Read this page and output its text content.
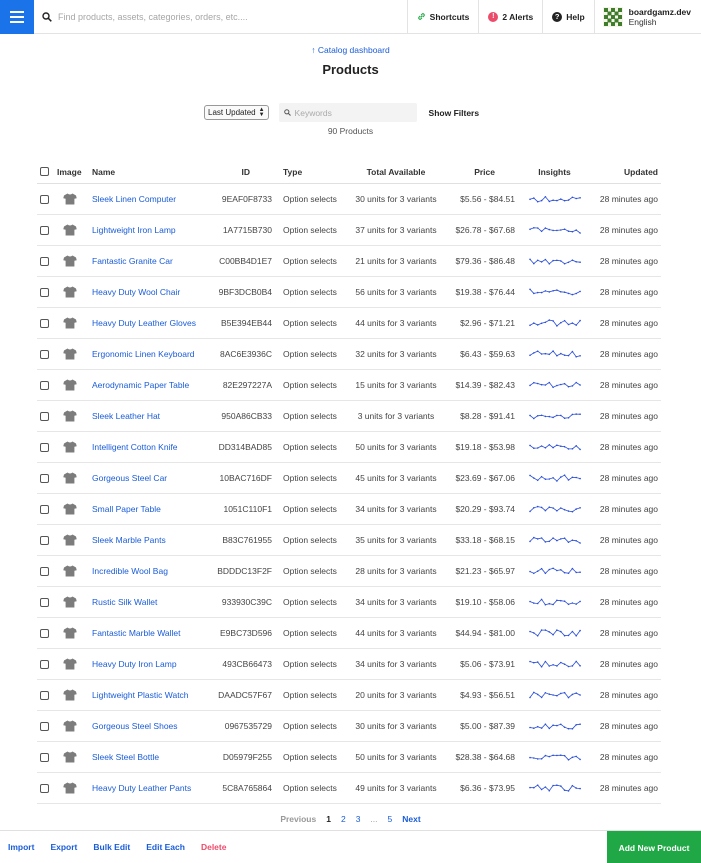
Find products, assets, categories, orders, etc....
Shortcuts	! 2 Alerts	? Help	boardgamz.dev
English
↑ Catalog dashboard
Products
Last Updated ▲
▼
Keywords	Show Filters
90 Products
Image Name	ID	Type	Total Available	Price	Insights	Updated
Sleek Linen Computer	9EAF0F8733 Option selects	30 units for 3 variants	$5.56 - $84.51	28 minutes ago
Lightweight Iron Lamp	1A7715B730 Option selects	37 units for 3 variants	$26.78 - $67.68	28 minutes ago
Fantastic Granite Car	C00BB4D1E7 Option selects	21 units for 3 variants	$79.36 - $86.48	28 minutes ago
Heavy Duty Wool Chair	9BF3DCB0B4 Option selects	56 units for 3 variants	$19.38 - $76.44	28 minutes ago
Heavy Duty Leather Gloves	B5E394EB44 Option selects	44 units for 3 variants	$2.96 - $71.21	28 minutes ago
Ergonomic Linen Keyboard	8AC6E3936C Option selects	32 units for 3 variants	$6.43 - $59.63	28 minutes ago
Aerodynamic Paper Table	82E297227A Option selects	15 units for 3 variants	$14.39 - $82.43	28 minutes ago
Sleek Leather Hat	950A86CB33 Option selects	3 units for 3 variants	$8.28 - $91.41	28 minutes ago
Intelligent Cotton Knife	DD314BAD85 Option selects	50 units for 3 variants	$19.18 - $53.98	28 minutes ago
Gorgeous Steel Car	10BAC716DF Option selects	45 units for 3 variants	$23.69 - $67.06	28 minutes ago
Small Paper Table	1051C110F1 Option selects	34 units for 3 variants	$20.29 - $93.74	28 minutes ago
Sleek Marble Pants	B83C761955 Option selects	35 units for 3 variants	$33.18 - $68.15	28 minutes ago
Incredible Wool Bag	BDDDC13F2F Option selects	28 units for 3 variants	$21.23 - $65.97	28 minutes ago
Rustic Silk Wallet	933930C39C Option selects	34 units for 3 variants	$19.10 - $58.06	28 minutes ago
Fantastic Marble Wallet	E9BC73D596 Option selects	44 units for 3 variants	$44.94 - $81.00	28 minutes ago
Heavy Duty Iron Lamp	493CB66473 Option selects	34 units for 3 variants	$5.06 - $73.91	28 minutes ago
Lightweight Plastic Watch	DAADC57F67 Option selects	20 units for 3 variants	$4.93 - $56.51	28 minutes ago
Gorgeous Steel Shoes	0967535729 Option selects	30 units for 3 variants	$5.00 - $87.39	28 minutes ago
Sleek Steel Bottle	D05979F255 Option selects	50 units for 3 variants	$28.38 - $64.68	28 minutes ago
Heavy Duty Leather Pants	5C8A765864 Option selects	49 units for 3 variants	$6.36 - $73.95	28 minutes ago
Previous 1 2 3 ... 5 Next
Import	Export	Bulk Edit	Edit Each	Delete	Add New Product
